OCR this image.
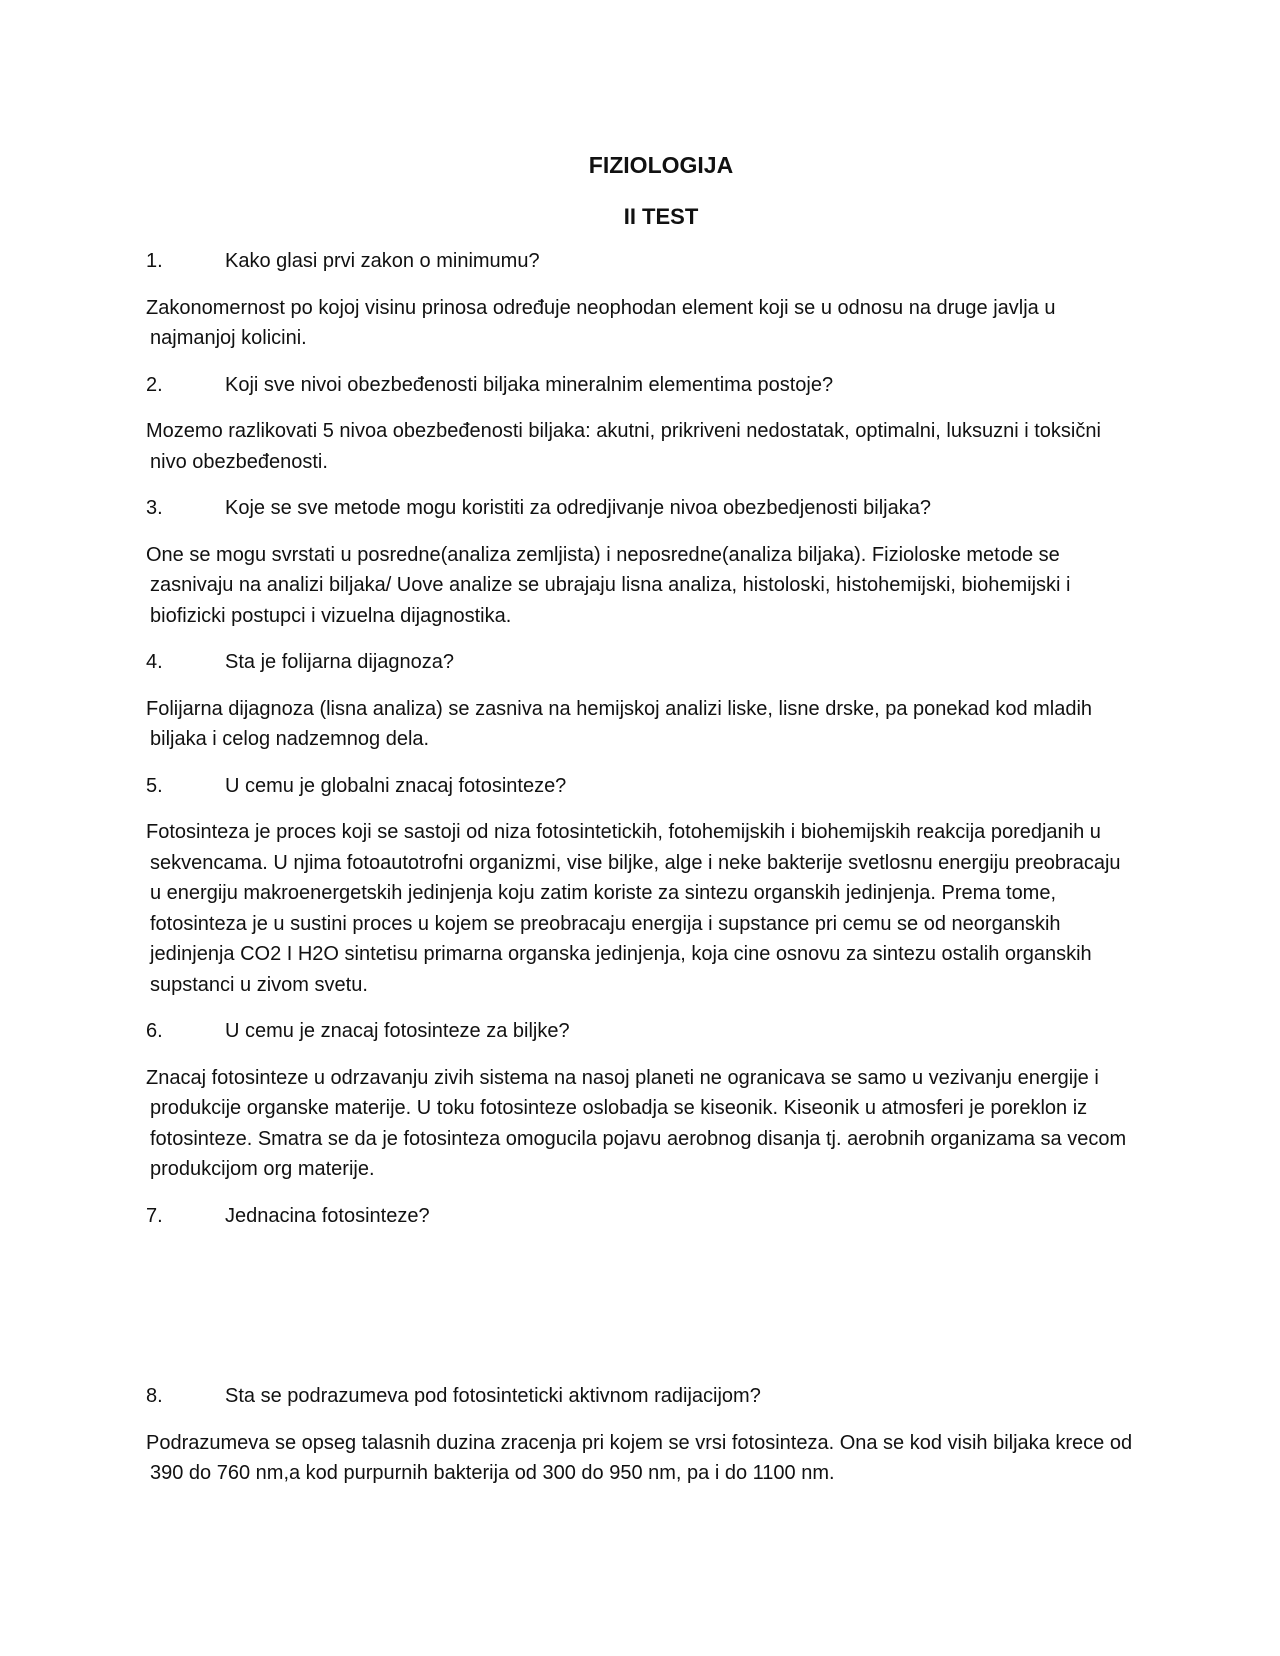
FIZIOLOGIJA
II TEST
1.	Kako glasi prvi zakon o minimumu?
Zakonomernost po kojoj visinu prinosa određuje neophodan element koji se u odnosu na druge javlja u najmanjoj kolicini.
2.	Koji sve nivoi obezbeđenosti biljaka mineralnim elementima postoje?
Mozemo razlikovati 5 nivoa obezbeđenosti biljaka: akutni, prikriveni nedostatak, optimalni, luksuzni i toksični nivo obezbeđenosti.
3.	Koje se sve metode mogu koristiti za odredjivanje nivoa obezbedjenosti biljaka?
One se mogu svrstati u posredne(analiza zemljista) i neposredne(analiza biljaka). Fizioloske metode se zasnivaju na analizi biljaka/ Uove analize se ubrajaju lisna analiza, histoloski, histohemijski, biohemijski i biofizicki postupci i vizuelna dijagnostika.
4.	Sta je folijarna dijagnoza?
Folijarna dijagnoza (lisna analiza) se zasniva na hemijskoj analizi liske, lisne drske, pa ponekad kod mladih biljaka i celog nadzemnog dela.
5.	U cemu je globalni znacaj fotosinteze?
Fotosinteza je proces koji se sastoji od niza fotosintetickih, fotohemijskih i biohemijskih reakcija poredjanih u sekvencama. U njima fotoautotrofni organizmi, vise biljke, alge i neke bakterije svetlosnu energiju preobracaju u energiju makroenergetskih jedinjenja koju zatim koriste za sintezu organskih jedinjenja. Prema tome, fotosinteza je u sustini proces u kojem se preobracaju energija i supstance pri cemu se od neorganskih jedinjenja CO2 I H2O sintetisu primarna organska jedinjenja, koja cine osnovu za sintezu ostalih organskih supstanci u zivom svetu.
6.	U cemu je znacaj fotosinteze za biljke?
Znacaj fotosinteze u odrzavanju zivih sistema na nasoj planeti ne ogranicava se samo u vezivanju energije i produkcije organske materije. U toku fotosinteze oslobadja se kiseonik. Kiseonik u atmosferi je poreklon iz fotosinteze. Smatra se da je fotosinteza omogucila pojavu aerobnog disanja tj. aerobnih organizama sa vecom produkcijom org materije.
7.	Jednacina fotosinteze?
8.	Sta se podrazumeva pod fotosinteticki aktivnom radijacijom?
Podrazumeva se opseg talasnih duzina zracenja pri kojem se vrsi fotosinteza. Ona se kod visih biljaka krece od 390 do 760 nm,a kod purpurnih bakterija od 300 do 950 nm, pa i do 1100 nm.
